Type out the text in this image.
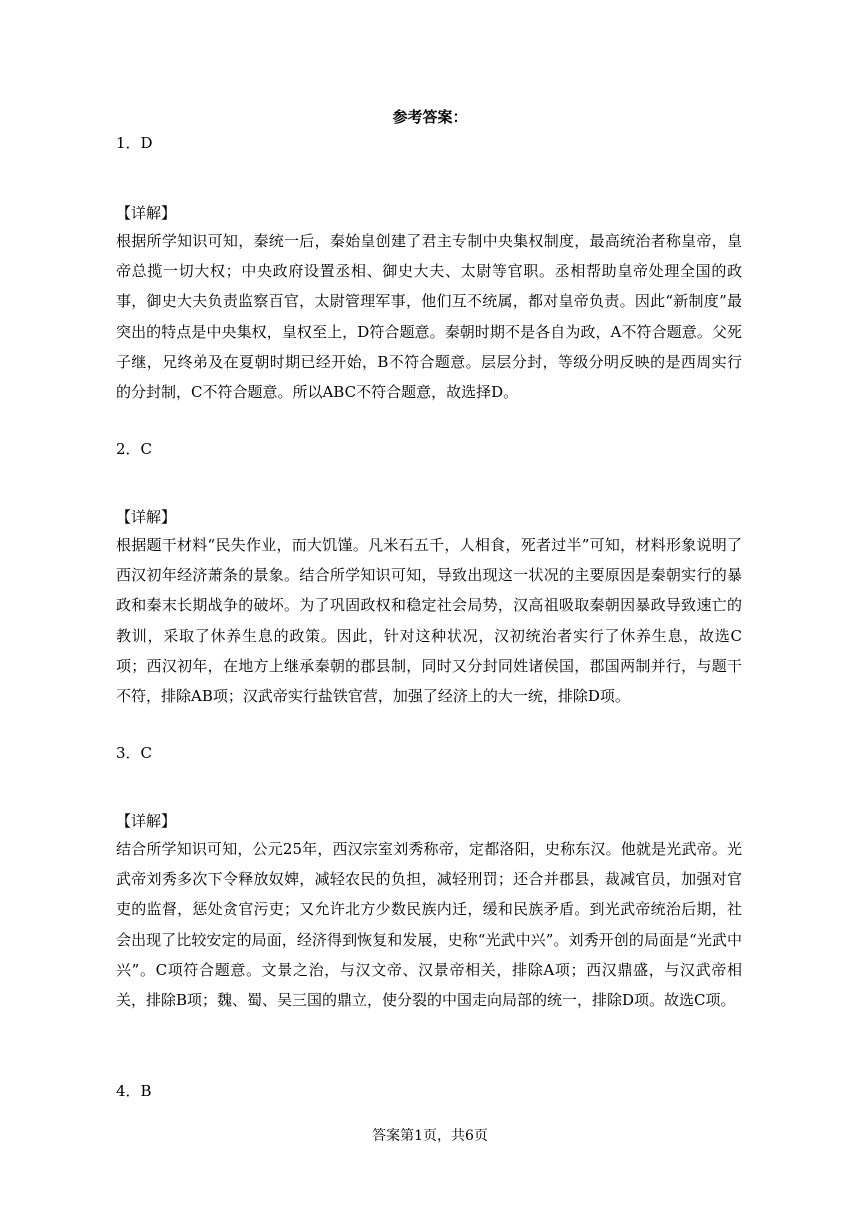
参考答案：
1．D
【详解】

根据所学知识可知，秦统一后，秦始皇创建了君主专制中央集权制度，最高统治者称皇帝，皇帝总揽一切大权；中央政府设置丞相、御史大夫、太尉等官职。丞相帮助皇帝处理全国的政事，御史大夫负责监察百官，太尉管理军事，他们互不统属，都对皇帝负责。因此“新制度”最突出的特点是中央集权，皇权至上，D符合题意。秦朝时期不是各自为政，A不符合题意。父死子继，兄终弟及在夏朝时期已经开始，B不符合题意。层层分封，等级分明反映的是西周实行的分封制，C不符合题意。所以ABC不符合题意，故选择D。

2．C
【详解】

根据题干材料“民失作业，而大饥馑。凡米石五千，人相食，死者过半”可知，材料形象说明了西汉初年经济萧条的景象。结合所学知识可知，导致出现这一状况的主要原因是秦朝实行的暴政和秦末长期战争的破坏。为了巩固政权和稳定社会局势，汉高祖吸取秦朝因暴政导致速亡的教训，采取了休养生息的政策。因此，针对这种状况，汉初统治者实行了休养生息，故选C项；西汉初年，在地方上继承秦朝的郡县制，同时又分封同姓诸侯国，郡国两制并行，与题干不符，排除AB项；汉武帝实行盐铁官营，加强了经济上的大一统，排除D项。

3．C
【详解】

结合所学知识可知，公元25年，西汉宗室刘秀称帝，定都洛阳，史称东汉。他就是光武帝。光武帝刘秀多次下令释放奴婢，减轻农民的负担，减轻刑罚；还合并郡县，裁减官员，加强对官吏的监督，惩处贪官污吏；又允许北方少数民族内迁，缓和民族矛盾。到光武帝统治后期，社会出现了比较安定的局面，经济得到恢复和发展，史称“光武中兴”。刘秀开创的局面是“光武中兴”。C项符合题意。文景之治，与汉文帝、汉景帝相关，排除A项；西汉鼎盛，与汉武帝相关，排除B项；魏、蜀、吴三国的鼎立，使分裂的中国走向局部的统一，排除D项。故选C项。

4．B
答案第1页，共6页
